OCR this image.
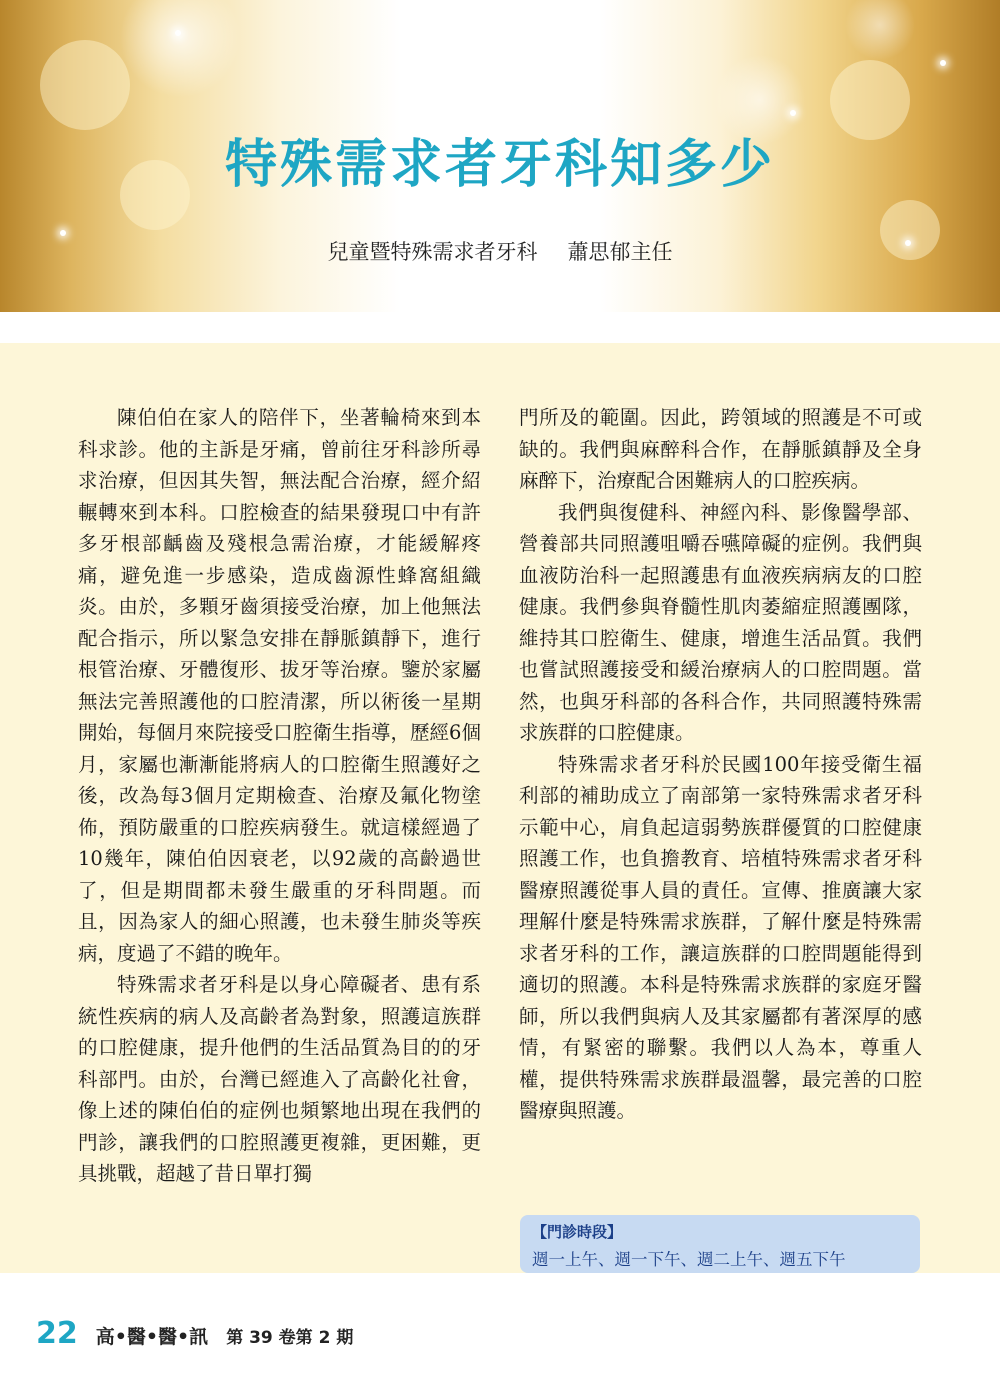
特殊需求者牙科知多少

兒童暨特殊需求者牙科 蕭思郁主任

陳伯伯在家人的陪伴下，坐著輪椅來到本科求診。他的主訴是牙痛，曾前往牙科診所尋求治療，但因其失智，無法配合治療，經介紹輾轉來到本科。口腔檢查的結果發現口中有許多牙根部齲齒及殘根急需治療，才能緩解疼痛，避免進一步感染，造成齒源性蜂窩組織炎。由於，多顆牙齒須接受治療，加上他無法配合指示，所以緊急安排在靜脈鎮靜下，進行根管治療、牙體復形、拔牙等治療。鑒於家屬無法完善照護他的口腔清潔，所以術後一星期開始，每個月來院接受口腔衛生指導，歷經6個月，家屬也漸漸能將病人的口腔衛生照護好之後，改為每3個月定期檢查、治療及氟化物塗佈，預防嚴重的口腔疾病發生。就這樣經過了10幾年，陳伯伯因衰老，以92歲的高齡過世了，但是期間都未發生嚴重的牙科問題。而且，因為家人的細心照護，也未發生肺炎等疾病，度過了不錯的晚年。

特殊需求者牙科是以身心障礙者、患有系統性疾病的病人及高齡者為對象，照護這族群的口腔健康，提升他們的生活品質為目的的牙科部門。由於，台灣已經進入了高齡化社會，像上述的陳伯伯的症例也頻繁地出現在我們的門診，讓我們的口腔照護更複雜，更困難，更具挑戰，超越了昔日單打獨

門所及的範圍。因此，跨領域的照護是不可或缺的。我們與麻醉科合作，在靜脈鎮靜及全身麻醉下，治療配合困難病人的口腔疾病。

我們與復健科、神經內科、影像醫學部、營養部共同照護咀嚼吞嚥障礙的症例。我們與血液防治科一起照護患有血液疾病病友的口腔健康。我們參與脊髓性肌肉萎縮症照護團隊，維持其口腔衛生、健康，增進生活品質。我們也嘗試照護接受和緩治療病人的口腔問題。當然，也與牙科部的各科合作，共同照護特殊需求族群的口腔健康。

特殊需求者牙科於民國100年接受衛生福利部的補助成立了南部第一家特殊需求者牙科示範中心，肩負起這弱勢族群優質的口腔健康照護工作，也負擔教育、培植特殊需求者牙科醫療照護從事人員的責任。宣傳、推廣讓大家理解什麼是特殊需求族群，了解什麼是特殊需求者牙科的工作，讓這族群的口腔問題能得到適切的照護。本科是特殊需求族群的家庭牙醫師，所以我們與病人及其家屬都有著深厚的感情，有緊密的聯繫。我們以人為本，尊重人權，提供特殊需求族群最溫馨，最完善的口腔醫療與照護。

【門診時段】
週一上午、週一下午、週二上午、週五下午
22 高•醫•醫•訊 第 39 卷第 2 期
